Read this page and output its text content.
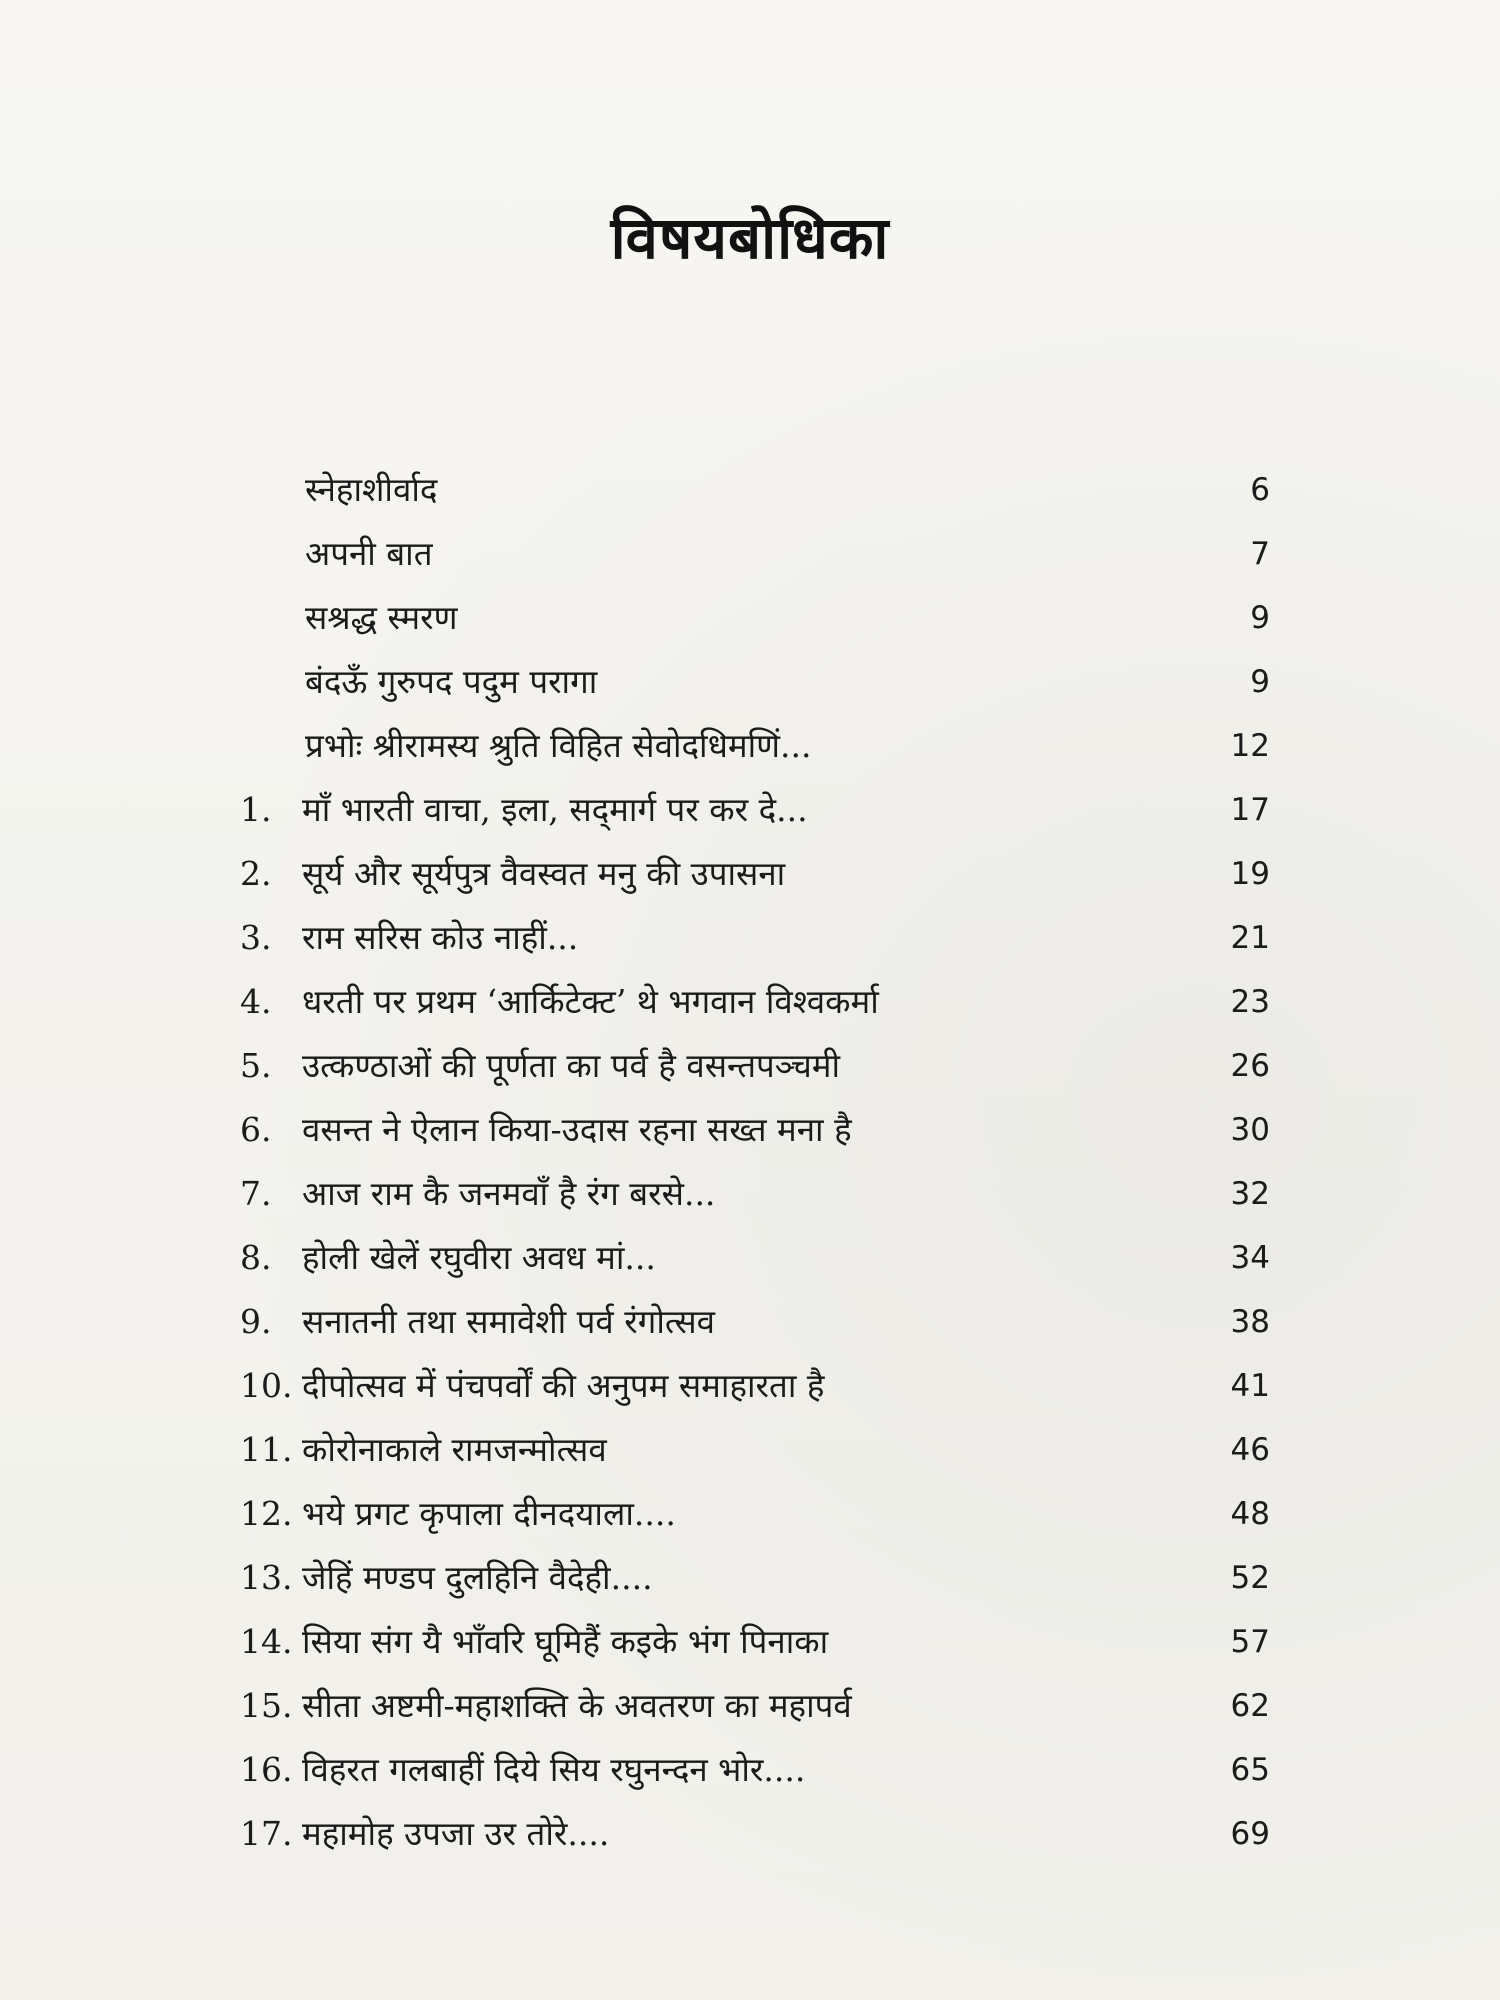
विषयबोधिका
स्नेहाशीर्वाद	6
अपनी बात	7
सश्रद्ध स्मरण	9
बंदऊँ गुरुपद पदुम परागा	9
प्रभोः श्रीरामस्य श्रुति विहित सेवोदधिमणिं...	12
1. माँ भारती वाचा, इला, सद्‌मार्ग पर कर दे...	17
2. सूर्य और सूर्यपुत्र वैवस्वत मनु की उपासना	19
3. राम सरिस कोउ नाहीं...	21
4. धरती पर प्रथम ‘आर्किटेक्ट’ थे भगवान विश्वकर्मा	23
5. उत्कण्ठाओं की पूर्णता का पर्व है वसन्तपञ्चमी	26
6. वसन्त ने ऐलान किया-उदास रहना सख्त मना है	30
7. आज राम कै जनमवाँ है रंग बरसे...	32
8. होली खेलें रघुवीरा अवध मां...	34
9. सनातनी तथा समावेशी पर्व रंगोत्सव	38
10. दीपोत्सव में पंचपर्वों की अनुपम समाहारता है	41
11. कोरोनाकाले रामजन्मोत्सव	46
12. भये प्रगट कृपाला दीनदयाला....	48
13. जेहिं मण्डप दुलहिनि वैदेही....	52
14. सिया संग यै भाँवरि घूमिहैं कइके भंग पिनाका	57
15. सीता अष्टमी-महाशक्ति के अवतरण का महापर्व	62
16. विहरत गलबाहीं दिये सिय रघुनन्दन भोर....	65
17. महामोह उपजा उर तोरे....	69
